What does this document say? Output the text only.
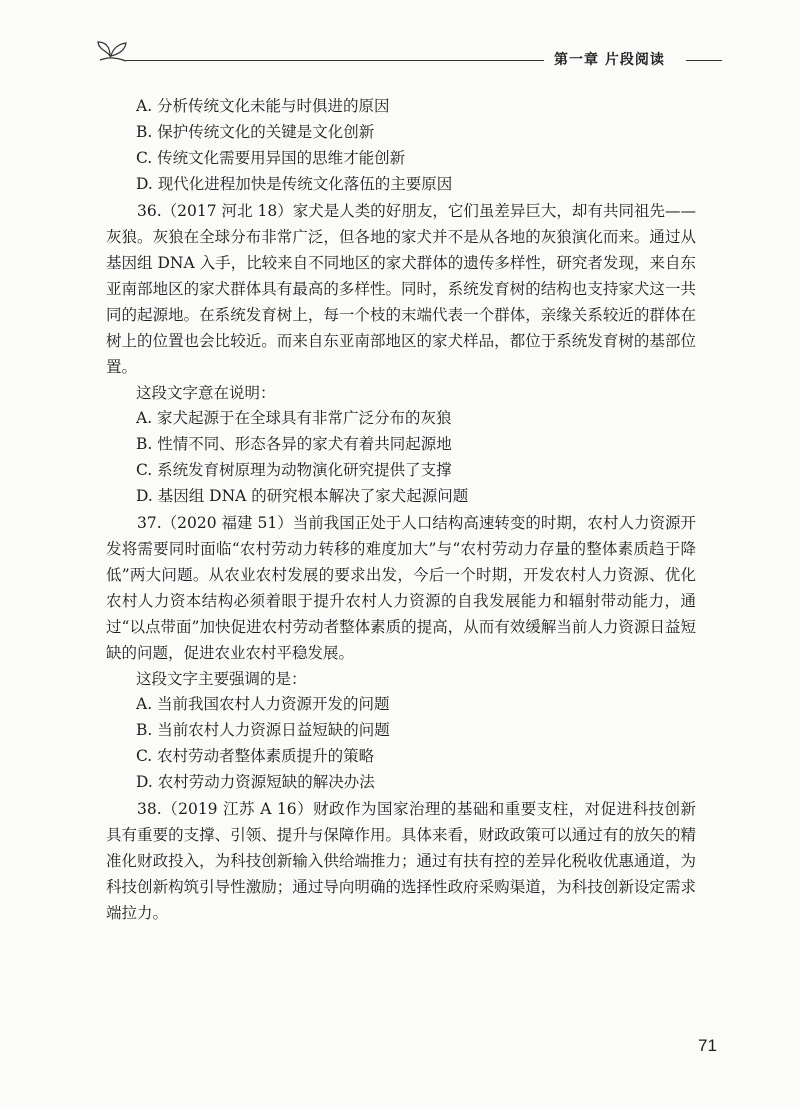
第一章 片段阅读
A. 分析传统文化未能与时俱进的原因
B. 保护传统文化的关键是文化创新
C. 传统文化需要用异国的思维才能创新
D. 现代化进程加快是传统文化落伍的主要原因

36.（2017 河北 18）家犬是人类的好朋友，它们虽差异巨大，却有共同祖先——灰狼。灰狼在全球分布非常广泛，但各地的家犬并不是从各地的灰狼演化而来。通过从基因组 DNA 入手，比较来自不同地区的家犬群体的遗传多样性，研究者发现，来自东亚南部地区的家犬群体具有最高的多样性。同时，系统发育树的结构也支持家犬这一共同的起源地。在系统发育树上，每一个枝的末端代表一个群体，亲缘关系较近的群体在树上的位置也会比较近。而来自东亚南部地区的家犬样品，都位于系统发育树的基部位置。

这段文字意在说明：
A. 家犬起源于在全球具有非常广泛分布的灰狼
B. 性情不同、形态各异的家犬有着共同起源地
C. 系统发育树原理为动物演化研究提供了支撑
D. 基因组 DNA 的研究根本解决了家犬起源问题

37.（2020 福建 51）当前我国正处于人口结构高速转变的时期，农村人力资源开发将需要同时面临“农村劳动力转移的难度加大”与“农村劳动力存量的整体素质趋于降低”两大问题。从农业农村发展的要求出发，今后一个时期，开发农村人力资源、优化农村人力资本结构必须着眼于提升农村人力资源的自我发展能力和辐射带动能力，通过“以点带面”加快促进农村劳动者整体素质的提高，从而有效缓解当前人力资源日益短缺的问题，促进农业农村平稳发展。

这段文字主要强调的是：
A. 当前我国农村人力资源开发的问题
B. 当前农村人力资源日益短缺的问题
C. 农村劳动者整体素质提升的策略
D. 农村劳动力资源短缺的解决办法

38.（2019 江苏 A 16）财政作为国家治理的基础和重要支柱，对促进科技创新具有重要的支撑、引领、提升与保障作用。具体来看，财政政策可以通过有的放矢的精准化财政投入，为科技创新输入供给端推力；通过有扶有控的差异化税收优惠通道，为科技创新构筑引导性激励；通过导向明确的选择性政府采购渠道，为科技创新设定需求端拉力。

71
